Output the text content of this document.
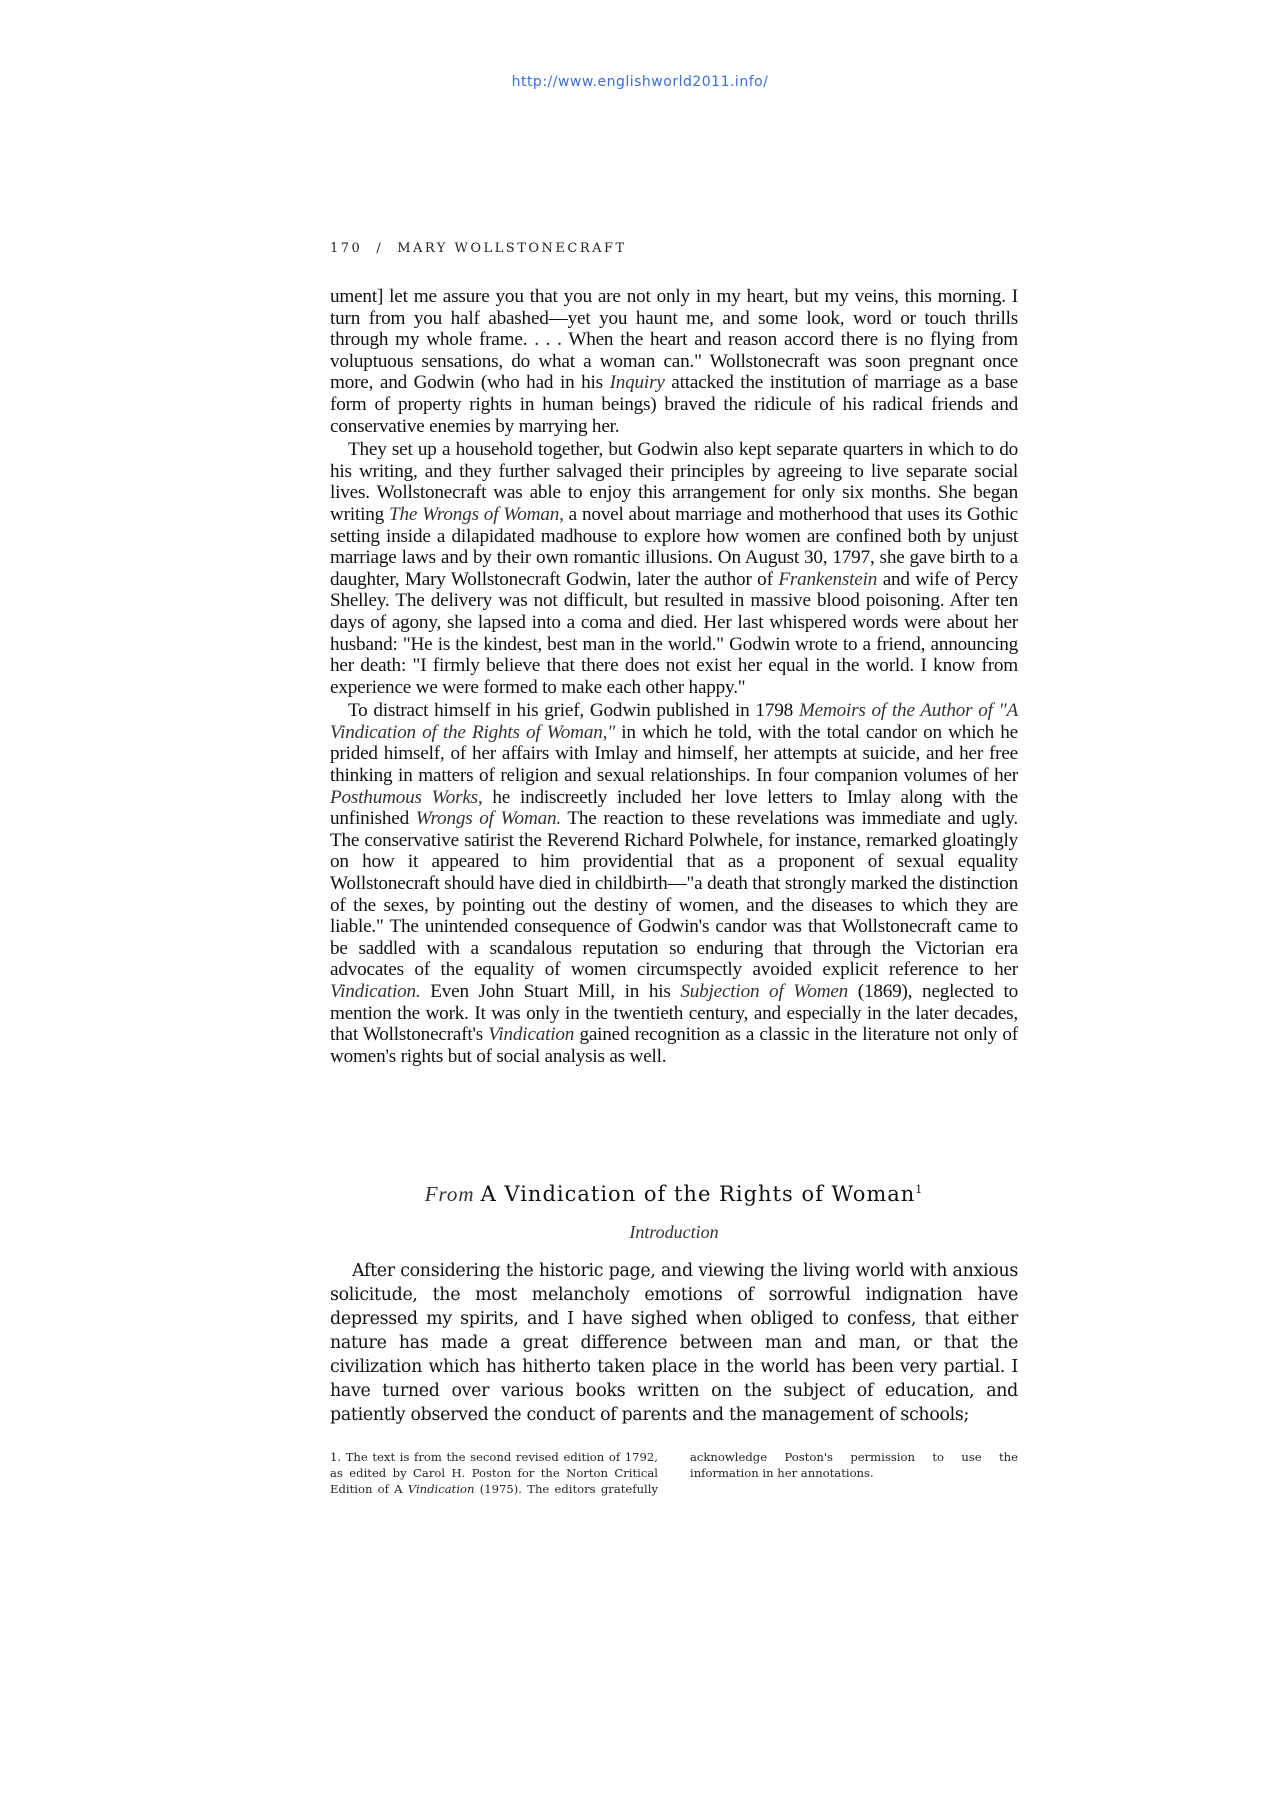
http://www.englishworld2011.info/
170 / MARY WOLLSTONECRAFT

ument] let me assure you that you are not only in my heart, but my veins, this morning. I turn from you half abashed—yet you haunt me, and some look, word or touch thrills through my whole frame. . . . When the heart and reason accord there is no flying from voluptuous sensations, do what a woman can." Wollstonecraft was soon pregnant once more, and Godwin (who had in his Inquiry attacked the institution of marriage as a base form of property rights in human beings) braved the ridicule of his radical friends and conservative enemies by marrying her.

They set up a household together, but Godwin also kept separate quarters in which to do his writing, and they further salvaged their principles by agreeing to live separate social lives. Wollstonecraft was able to enjoy this arrangement for only six months. She began writing The Wrongs of Woman, a novel about marriage and motherhood that uses its Gothic setting inside a dilapidated madhouse to explore how women are confined both by unjust marriage laws and by their own romantic illusions. On August 30, 1797, she gave birth to a daughter, Mary Wollstonecraft Godwin, later the author of Frankenstein and wife of Percy Shelley. The delivery was not difficult, but resulted in massive blood poisoning. After ten days of agony, she lapsed into a coma and died. Her last whispered words were about her husband: "He is the kindest, best man in the world." Godwin wrote to a friend, announcing her death: "I firmly believe that there does not exist her equal in the world. I know from experience we were formed to make each other happy."

To distract himself in his grief, Godwin published in 1798 Memoirs of the Author of "A Vindication of the Rights of Woman," in which he told, with the total candor on which he prided himself, of her affairs with Imlay and himself, her attempts at suicide, and her free thinking in matters of religion and sexual relationships. In four companion volumes of her Posthumous Works, he indiscreetly included her love letters to Imlay along with the unfinished Wrongs of Woman. The reaction to these revelations was immediate and ugly. The conservative satirist the Reverend Richard Polwhele, for instance, remarked gloatingly on how it appeared to him providential that as a proponent of sexual equality Wollstonecraft should have died in childbirth—"a death that strongly marked the distinction of the sexes, by pointing out the destiny of women, and the diseases to which they are liable." The unintended consequence of Godwin's candor was that Wollstonecraft came to be saddled with a scandalous reputation so enduring that through the Victorian era advocates of the equality of women circumspectly avoided explicit reference to her Vindication. Even John Stuart Mill, in his Subjection of Women (1869), neglected to mention the work. It was only in the twentieth century, and especially in the later decades, that Wollstonecraft's Vindication gained recognition as a classic in the literature not only of women's rights but of social analysis as well.

From A Vindication of the Rights of Woman$^1$
Introduction

After considering the historic page, and viewing the living world with anxious solicitude, the most melancholy emotions of sorrowful indignation have depressed my spirits, and I have sighed when obliged to confess, that either nature has made a great difference between man and man, or that the civilization which has hitherto taken place in the world has been very partial. I have turned over various books written on the subject of education, and patiently observed the conduct of parents and the management of schools;

1. The text is from the second revised edition of 1792, as edited by Carol H. Poston for the Norton Critical Edition of A Vindication (1975). The editors gratefully acknowledge Poston's permission to use the information in her annotations.
